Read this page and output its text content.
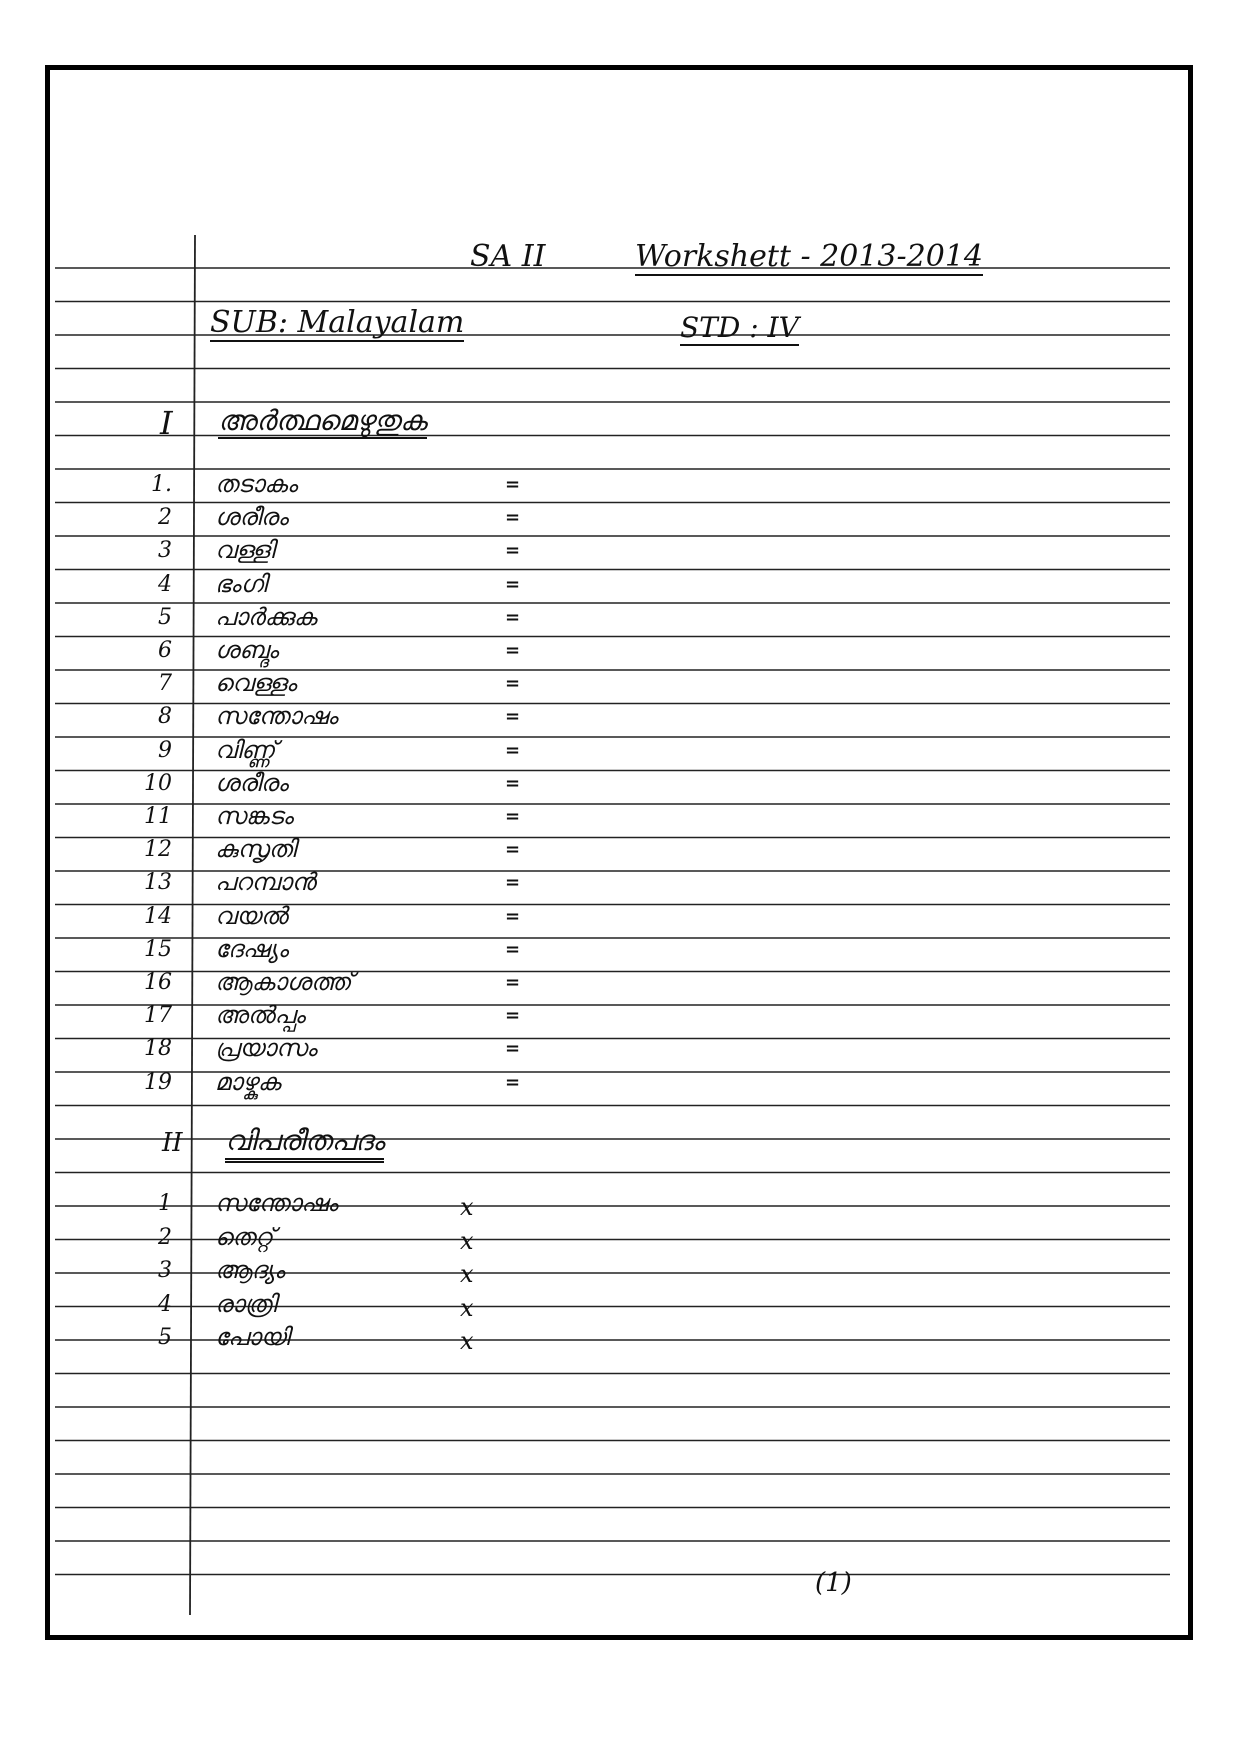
SA II	Workshett - 2013-2014
SUB: Malayalam	STD : IV
I അർത്ഥമെഴുതുക
1. തടാകം	=
2 ശരീരം	=
3 വള്ളി	=
4 ഭംഗി	=
5 പാർക്കുക	=
6 ശബ്ദം	=
7 വെള്ളം	=
8 സന്തോഷം	=
9 വിണ്ണ്	=
10 ശരീരം	=
11 സങ്കടം	=
12 കുസൃതി	=
13 പറമ്പാൻ	=
14 വയൽ	=
15 ദേഷ്യം	=
16 ആകാശത്ത്	=
17 അൽപ്പം	=
18 പ്രയാസം	=
19 മാഴ്കുക	=
II വിപരീതപദം
1 സന്തോഷം	x
2 തെറ്റ്	x
3 ആദ്യം	x
4 രാത്രി	x
5 പോയി	x
(1)
